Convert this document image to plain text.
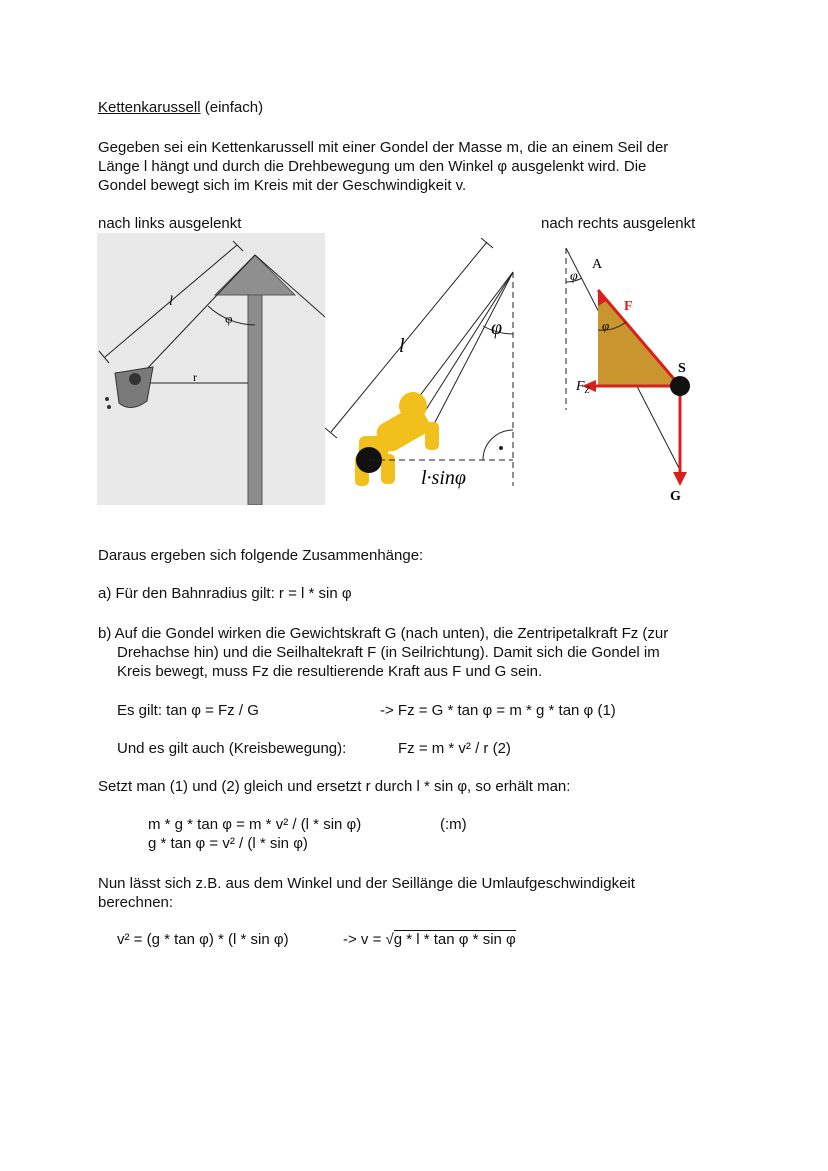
Kettenkarussell (einfach)
Gegeben sei ein Kettenkarussell mit einer Gondel der Masse m, die an einem Seil der
Länge l hängt und durch die Drehbewegung um den Winkel φ ausgelenkt wird. Die
Gondel bewegt sich im Kreis mit der Geschwindigkeit v.
nach links ausgelenkt	nach rechts ausgelenkt
l
φ
r
l
φ
l·sinφ
φ
A
F
φ
S
$F_Z$
G
Daraus ergeben sich folgende Zusammenhänge:
a) Für den Bahnradius gilt: r = l * sin φ
b) Auf die Gondel wirken die Gewichtskraft G (nach unten), die Zentripetalkraft Fz (zur
Drehachse hin) und die Seilhaltekraft F (in Seilrichtung). Damit sich die Gondel im
Kreis bewegt, muss Fz die resultierende Kraft aus F und G sein.
Es gilt: tan φ = Fz / G	-> Fz = G * tan φ = m * g * tan φ (1)
Und es gilt auch (Kreisbewegung):	Fz = m * v² / r (2)
Setzt man (1) und (2) gleich und ersetzt r durch l * sin φ, so erhält man:
m * g * tan φ = m * v² / (l * sin φ)	(:m)
g * tan φ = v² / (l * sin φ)
Nun lässt sich z.B. aus dem Winkel und der Seillänge die Umlaufgeschwindigkeit
berechnen:
v² = (g * tan φ) * (l * sin φ)	-> v = √g * l * tan φ * sin φ
